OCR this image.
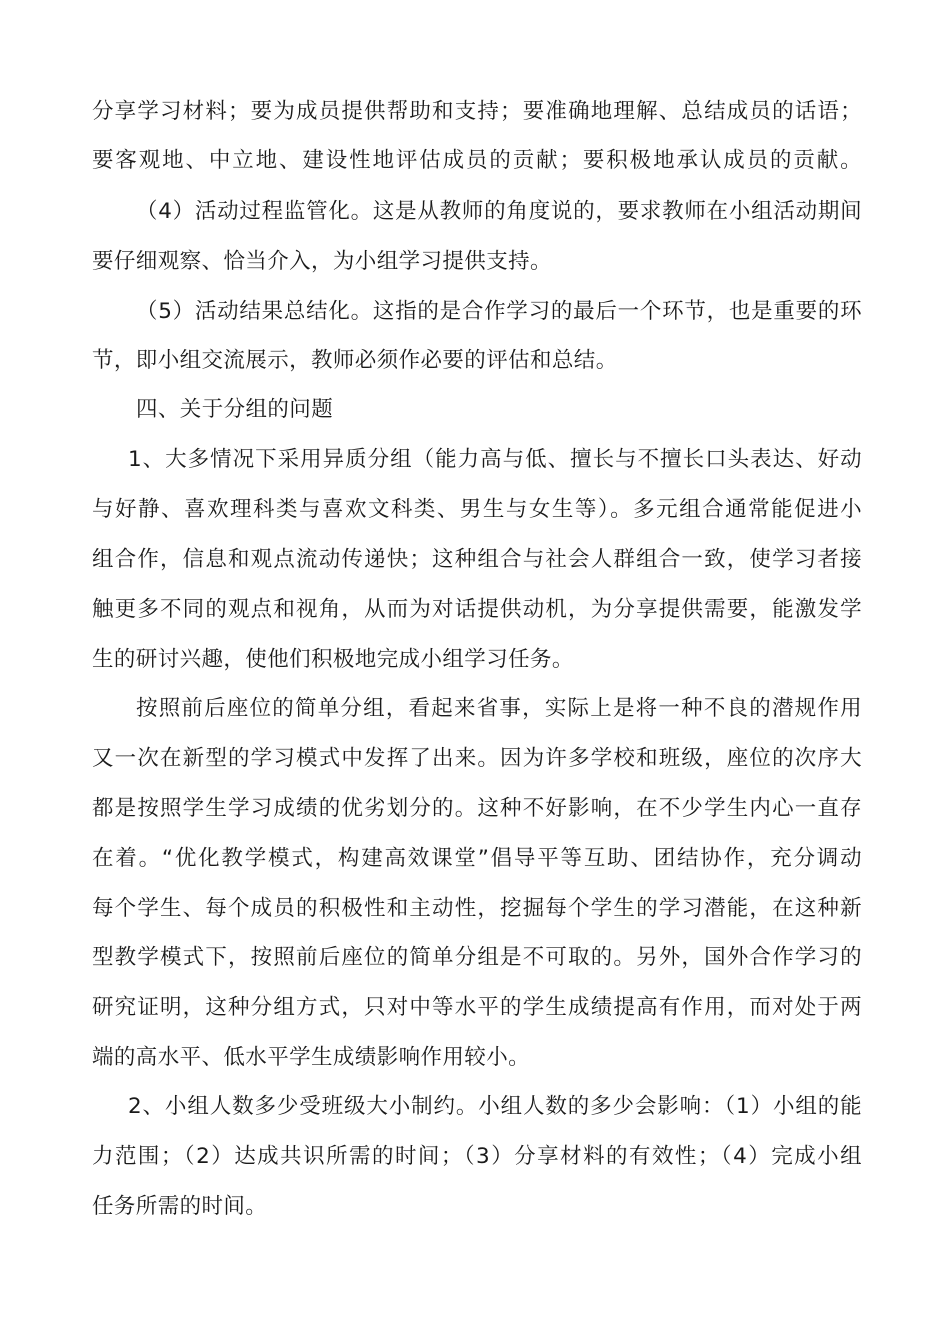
分享学习材料；要为成员提供帮助和支持；要准确地理解、总结成员的话语；
要客观地、中立地、建设性地评估成员的贡献；要积极地承认成员的贡献。
（4）活动过程监管化。这是从教师的角度说的，要求教师在小组活动期间
要仔细观察、恰当介入，为小组学习提供支持。
（5）活动结果总结化。这指的是合作学习的最后一个环节，也是重要的环
节，即小组交流展示，教师必须作必要的评估和总结。
四、关于分组的问题
1、大多情况下采用异质分组（能力高与低、擅长与不擅长口头表达、好动
与好静、喜欢理科类与喜欢文科类、男生与女生等）。多元组合通常能促进小
组合作，信息和观点流动传递快；这种组合与社会人群组合一致，使学习者接
触更多不同的观点和视角，从而为对话提供动机，为分享提供需要，能激发学
生的研讨兴趣，使他们积极地完成小组学习任务。
按照前后座位的简单分组，看起来省事，实际上是将一种不良的潜规作用
又一次在新型的学习模式中发挥了出来。因为许多学校和班级，座位的次序大
都是按照学生学习成绩的优劣划分的。这种不好影响，在不少学生内心一直存
在着。“优化教学模式，构建高效课堂”倡导平等互助、团结协作，充分调动
每个学生、每个成员的积极性和主动性，挖掘每个学生的学习潜能，在这种新
型教学模式下，按照前后座位的简单分组是不可取的。另外，国外合作学习的
研究证明，这种分组方式，只对中等水平的学生成绩提高有作用，而对处于两
端的高水平、低水平学生成绩影响作用较小。
2、小组人数多少受班级大小制约。小组人数的多少会影响：（1）小组的能
力范围；（2）达成共识所需的时间；（3）分享材料的有效性；（4）完成小组
任务所需的时间。
